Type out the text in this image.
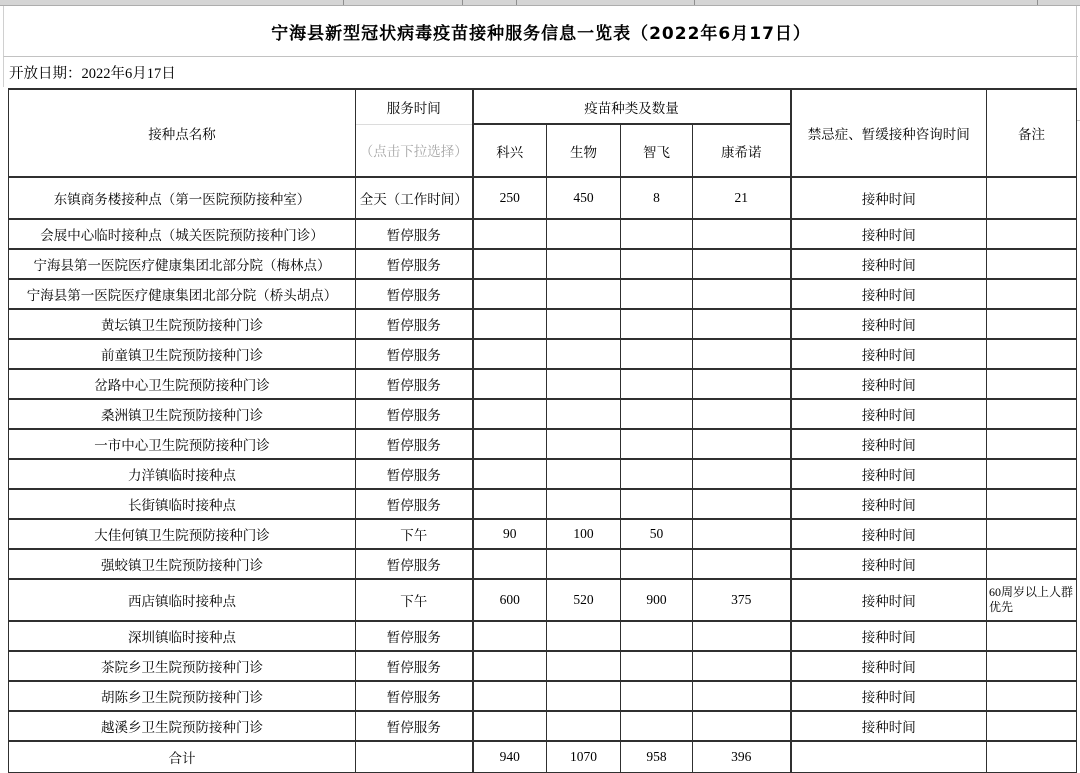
宁海县新型冠状病毒疫苗接种服务信息一览表（2022年6月17日）
开放日期：2022年6月17日
接种点名称	服务时间	疫苗种类及数量				禁忌症、暂缓接种咨询时间	备注
	（点击下拉选择）	科兴	生物	智飞	康希诺		
东镇商务楼接种点（第一医院预防接种室）	全天（工作时间）	250	450	8	21	接种时间	
会展中心临时接种点（城关医院预防接种门诊）	暂停服务					接种时间	
宁海县第一医院医疗健康集团北部分院（梅林点）	暂停服务					接种时间	
宁海县第一医院医疗健康集团北部分院（桥头胡点）	暂停服务					接种时间	
黄坛镇卫生院预防接种门诊	暂停服务					接种时间	
前童镇卫生院预防接种门诊	暂停服务					接种时间	
岔路中心卫生院预防接种门诊	暂停服务					接种时间	
桑洲镇卫生院预防接种门诊	暂停服务					接种时间	
一市中心卫生院预防接种门诊	暂停服务					接种时间	
力洋镇临时接种点	暂停服务					接种时间	
长街镇临时接种点	暂停服务					接种时间	
大佳何镇卫生院预防接种门诊	下午	90	100	50		接种时间	
强蛟镇卫生院预防接种门诊	暂停服务					接种时间	
西店镇临时接种点	下午	600	520	900	375	接种时间	60周岁以上人群优先
深圳镇临时接种点	暂停服务					接种时间	
茶院乡卫生院预防接种门诊	暂停服务					接种时间	
胡陈乡卫生院预防接种门诊	暂停服务					接种时间	
越溪乡卫生院预防接种门诊	暂停服务					接种时间	
合计		940	1070	958	396		
